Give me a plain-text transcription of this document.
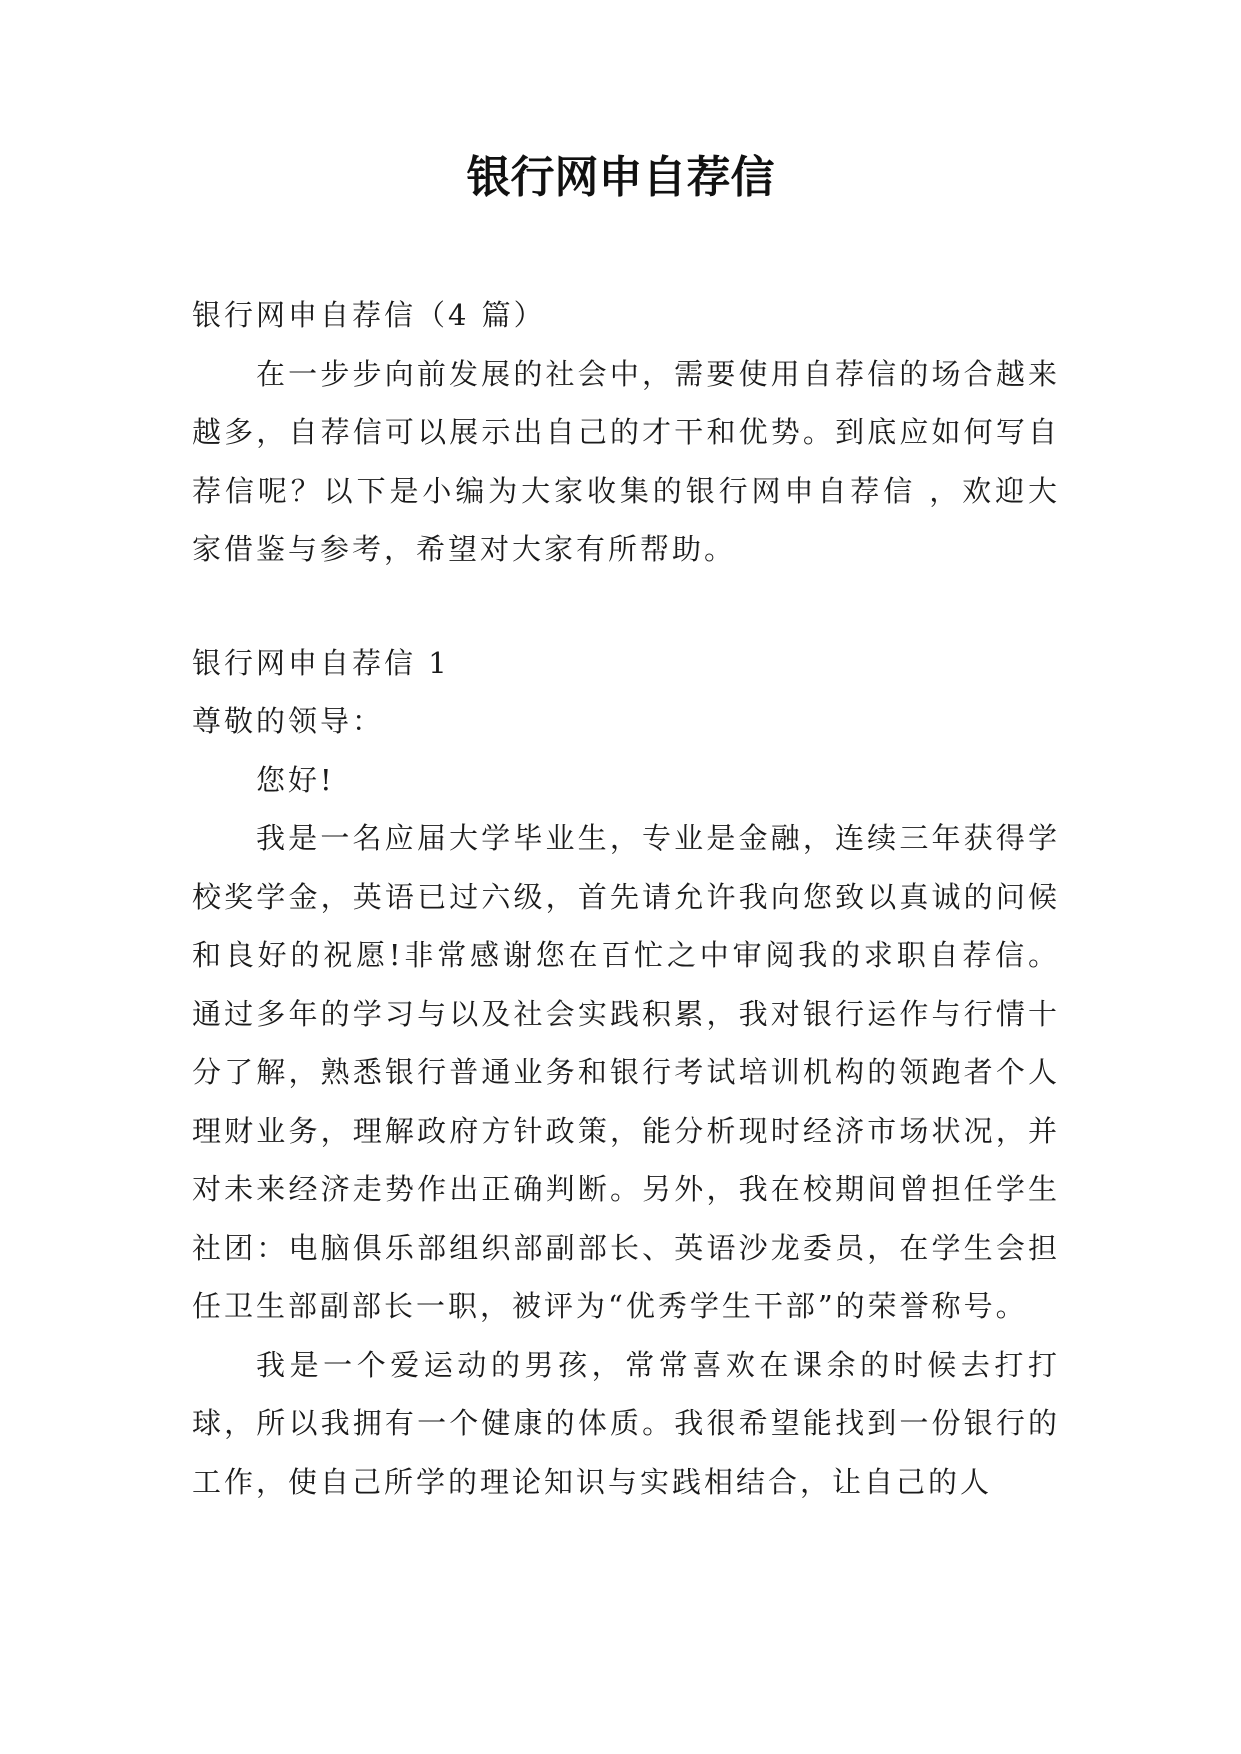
银行网申自荐信

银行网申自荐信（4 篇）

在一步步向前发展的社会中，需要使用自荐信的场合越来越多，自荐信可以展示出自己的才干和优势。到底应如何写自荐信呢？以下是小编为大家收集的银行网申自荐信 ，欢迎大家借鉴与参考，希望对大家有所帮助。

银行网申自荐信 1

尊敬的领导：

您好!

我是一名应届大学毕业生，专业是金融，连续三年获得学校奖学金，英语已过六级，首先请允许我向您致以真诚的问候和良好的祝愿!非常感谢您在百忙之中审阅我的求职自荐信。 通过多年的学习与以及社会实践积累，我对银行运作与行情十分了解，熟悉银行普通业务和银行考试培训机构的领跑者个人理财业务，理解政府方针政策，能分析现时经济市场状况，并对未来经济走势作出正确判断。另外，我在校期间曾担任学生社团：电脑俱乐部组织部副部长、英语沙龙委员，在学生会担任卫生部副部长一职，被评为“优秀学生干部”的荣誉称号。

我是一个爱运动的男孩，常常喜欢在课余的时候去打打球，所以我拥有一个健康的体质。我很希望能找到一份银行的工作，使自己所学的理论知识与实践相结合，让自己的人
